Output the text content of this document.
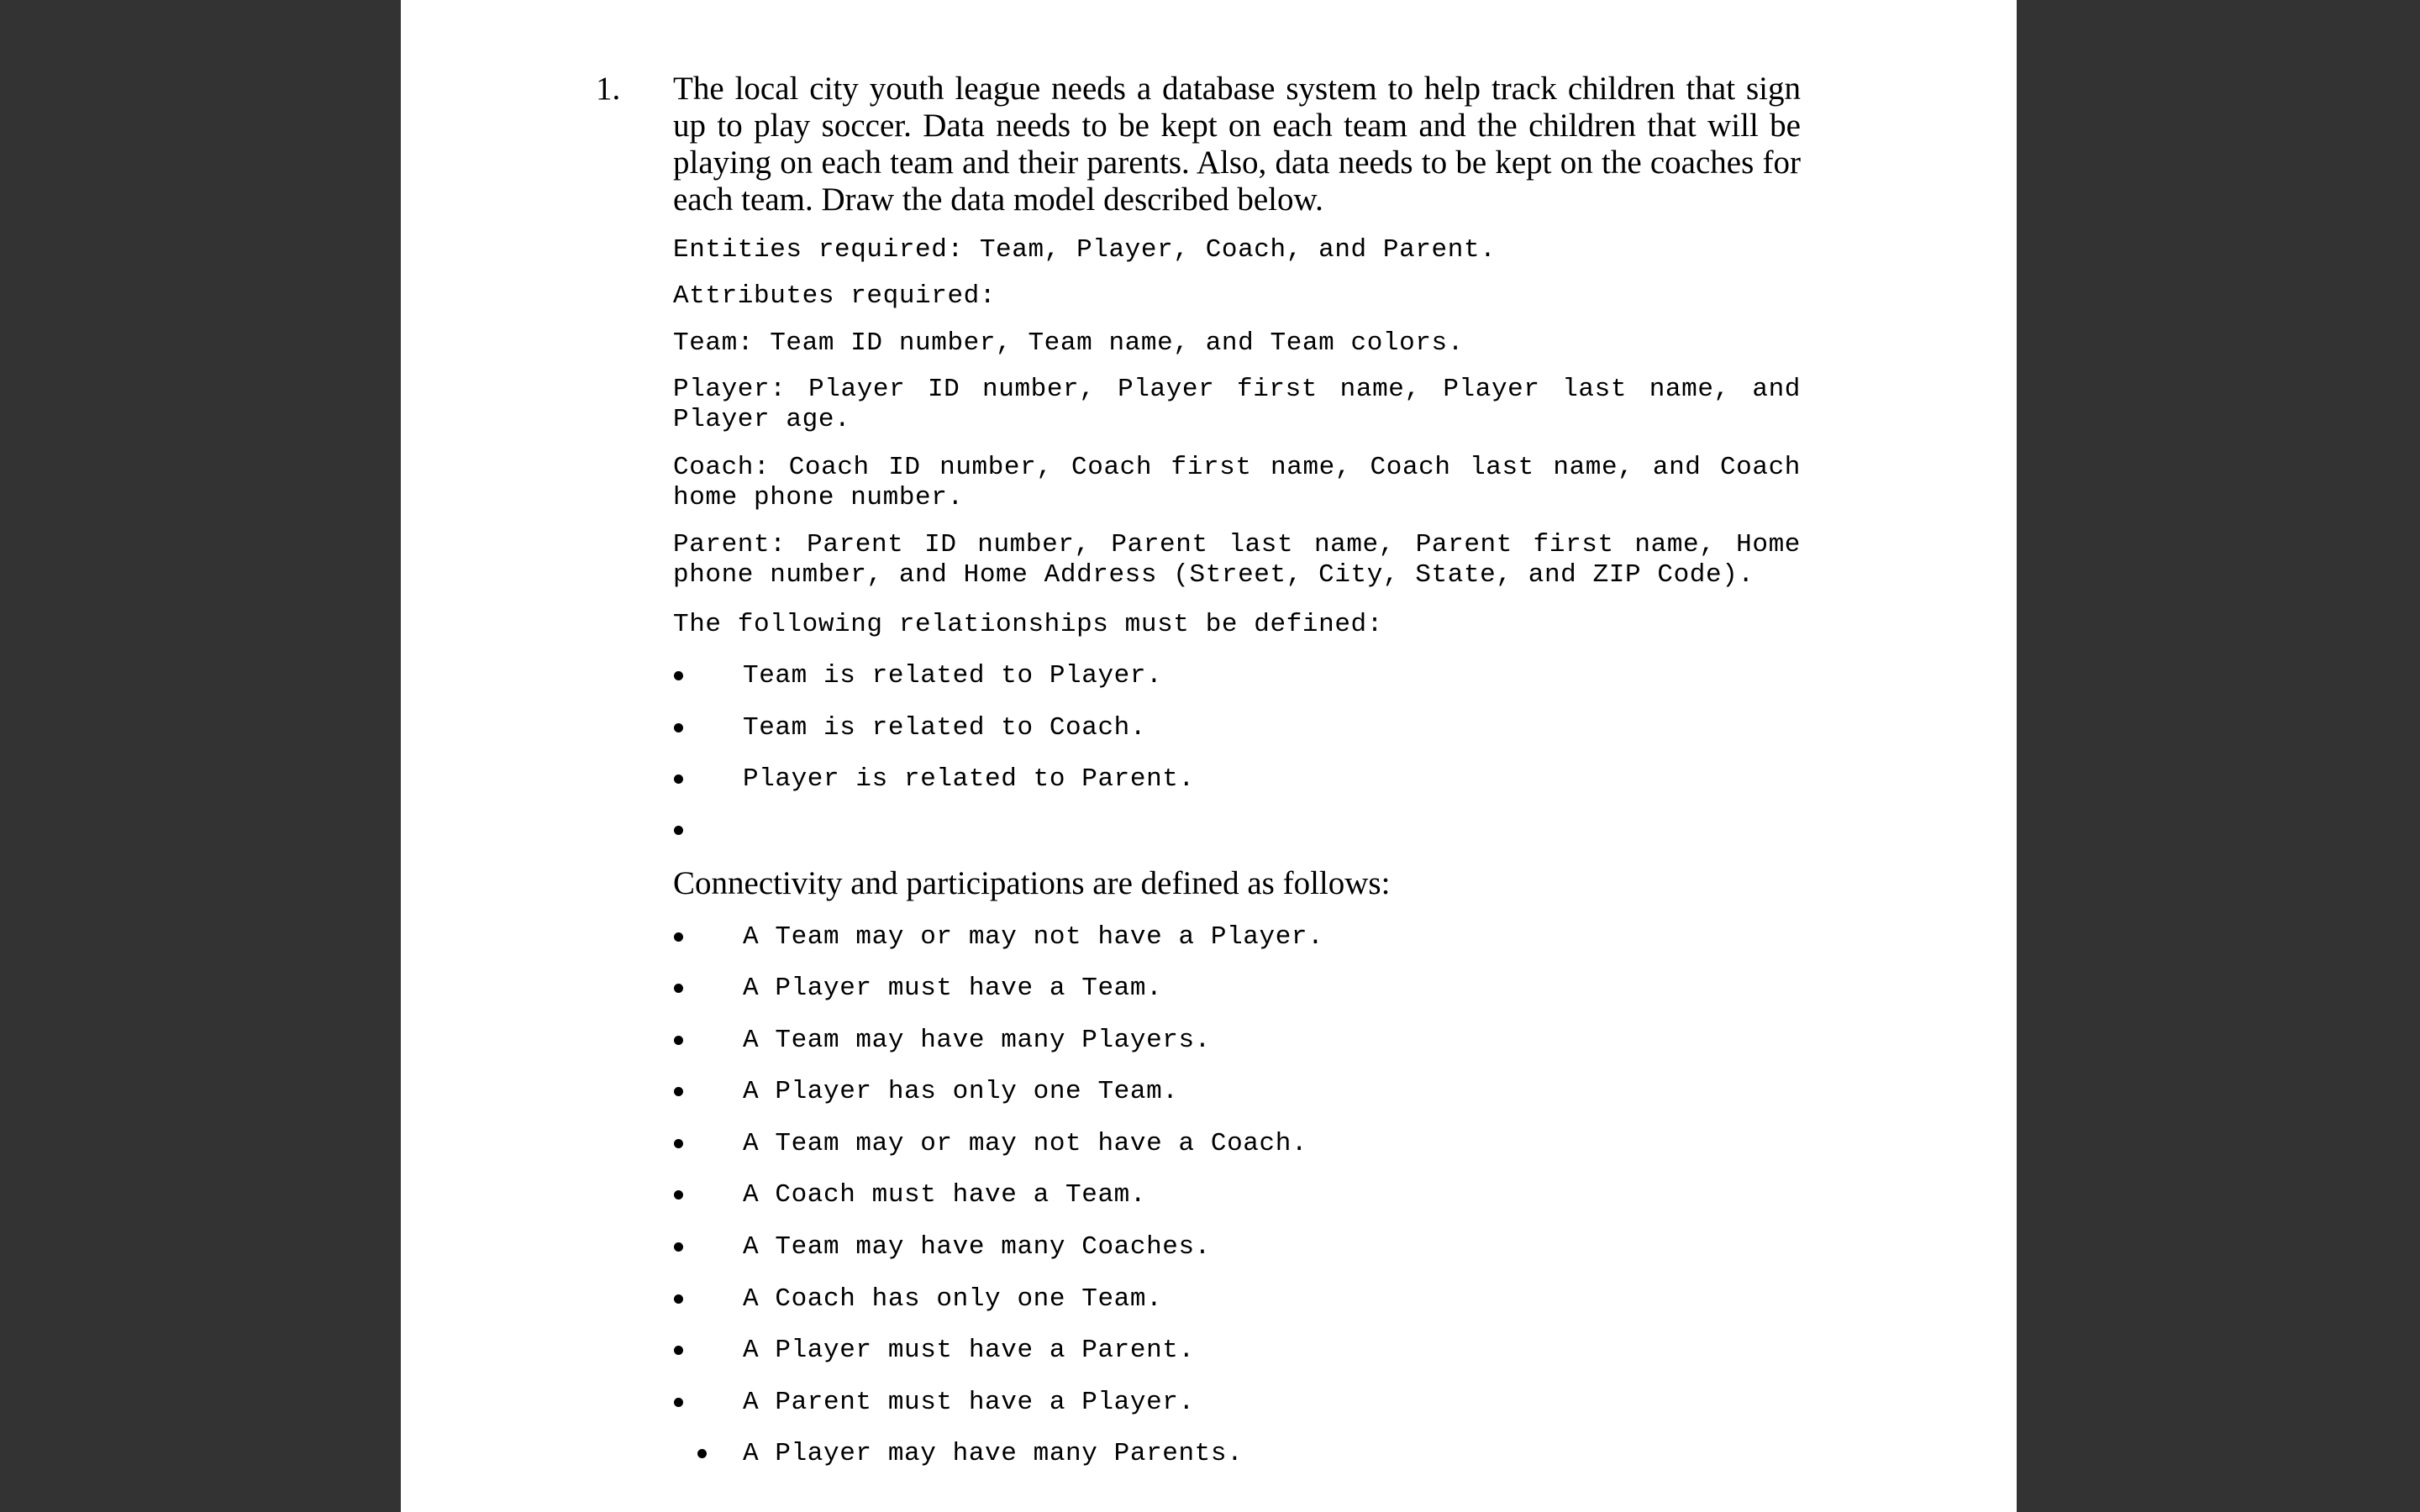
1. The local city youth league needs a database system to help track children that sign up to play soccer. Data needs to be kept on each team and the children that will be playing on each team and their parents. Also, data needs to be kept on the coaches for each team. Draw the data model described below.
Entities required: Team, Player, Coach, and Parent.
Attributes required:
Team: Team ID number, Team name, and Team colors.
Player: Player ID number, Player first name, Player last name, and Player age.
Coach: Coach ID number, Coach first name, Coach last name, and Coach home phone number.
Parent: Parent ID number, Parent last name, Parent first name, Home phone number, and Home Address (Street, City, State, and ZIP Code).
The following relationships must be defined:
Team is related to Player.
Team is related to Coach.
Player is related to Parent.
Connectivity and participations are defined as follows:
A Team may or may not have a Player.
A Player must have a Team.
A Team may have many Players.
A Player has only one Team.
A Team may or may not have a Coach.
A Coach must have a Team.
A Team may have many Coaches.
A Coach has only one Team.
A Player must have a Parent.
A Parent must have a Player.
A Player may have many Parents.
